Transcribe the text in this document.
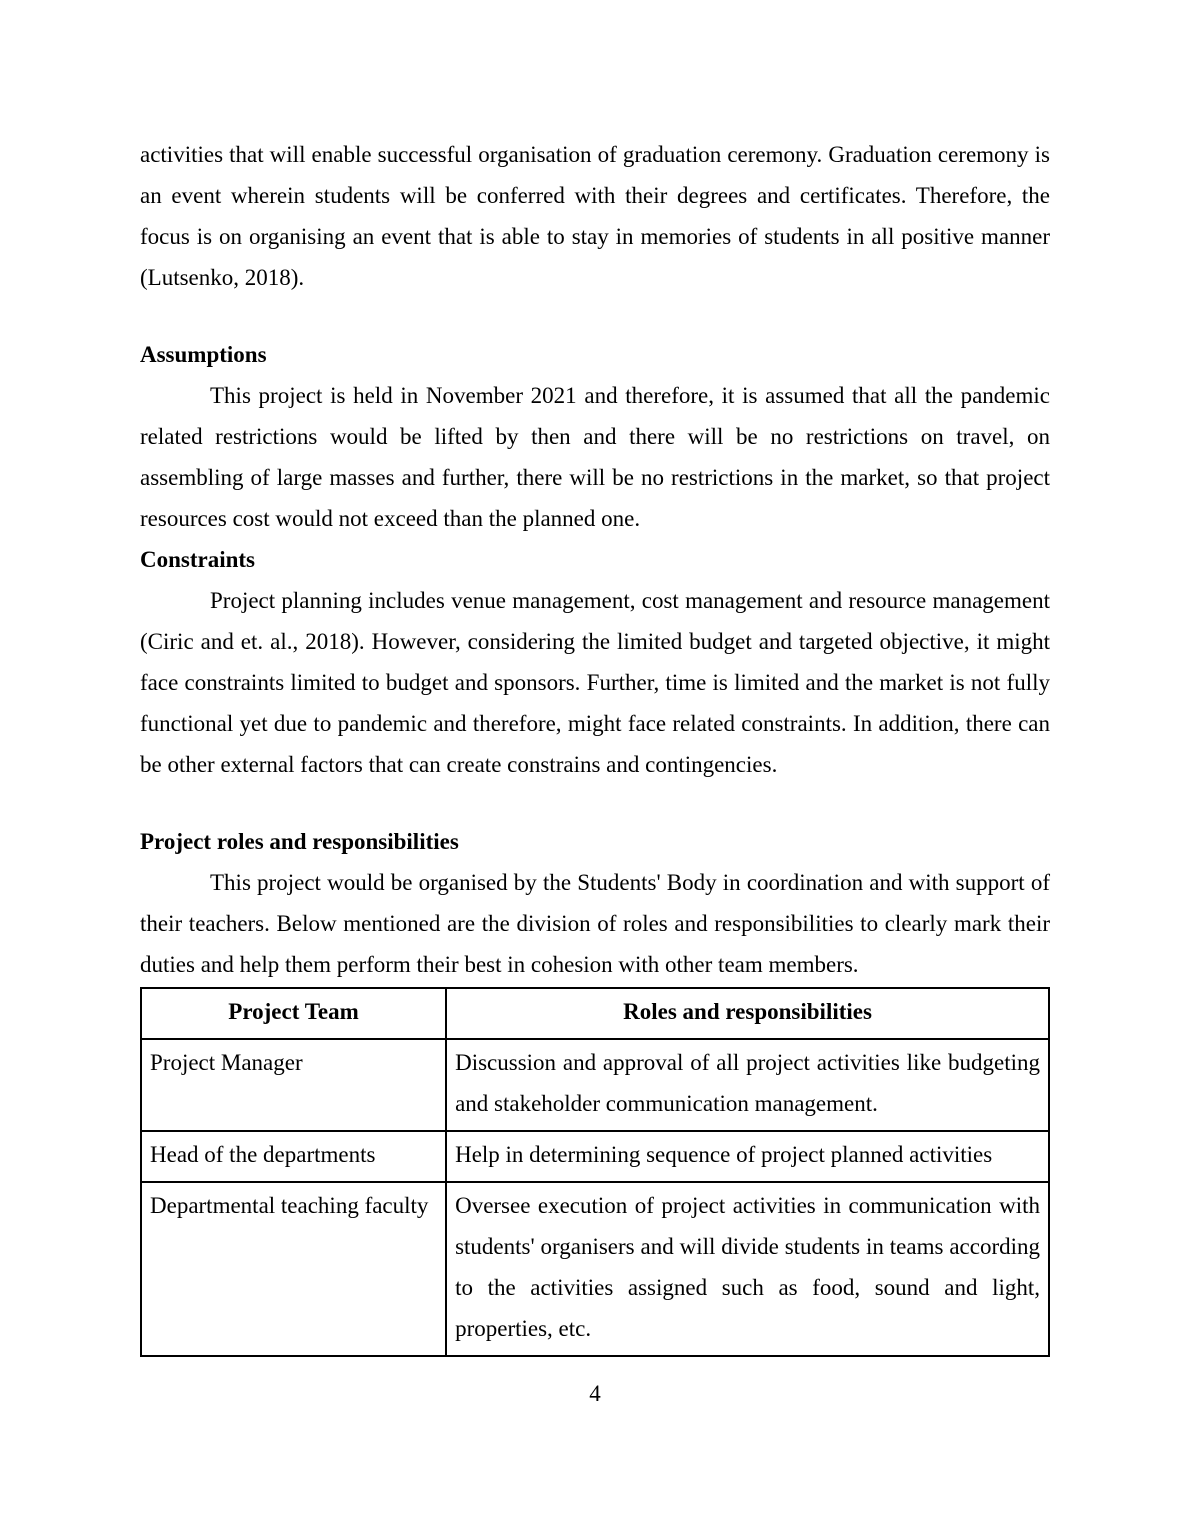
activities that will enable successful organisation of graduation ceremony. Graduation ceremony is an event wherein students will be conferred with their degrees and certificates. Therefore, the focus is on organising an event that is able to stay in memories of students in all positive manner (Lutsenko, 2018).

Assumptions

This project is held in November 2021 and therefore, it is assumed that all the pandemic related restrictions would be lifted by then and there will be no restrictions on travel, on assembling of large masses and further, there will be no restrictions in the market, so that project resources cost would not exceed than the planned one.

Constraints

Project planning includes venue management, cost management and resource management (Ciric and et. al., 2018). However, considering the limited budget and targeted objective, it might face constraints limited to budget and sponsors. Further, time is limited and the market is not fully functional yet due to pandemic and therefore, might face related constraints. In addition, there can be other external factors that can create constrains and contingencies.

Project roles and responsibilities

This project would be organised by the Students' Body in coordination and with support of their teachers. Below mentioned are the division of roles and responsibilities to clearly mark their duties and help them perform their best in cohesion with other team members.

Project Team	Roles and responsibilities
Project Manager	Discussion and approval of all project activities like budgeting and stakeholder communication management.
Head of the departments	Help in determining sequence of project planned activities
Departmental teaching faculty	Oversee execution of project activities in communication with students' organisers and will divide students in teams according to the activities assigned such as food, sound and light, properties, etc.
4
